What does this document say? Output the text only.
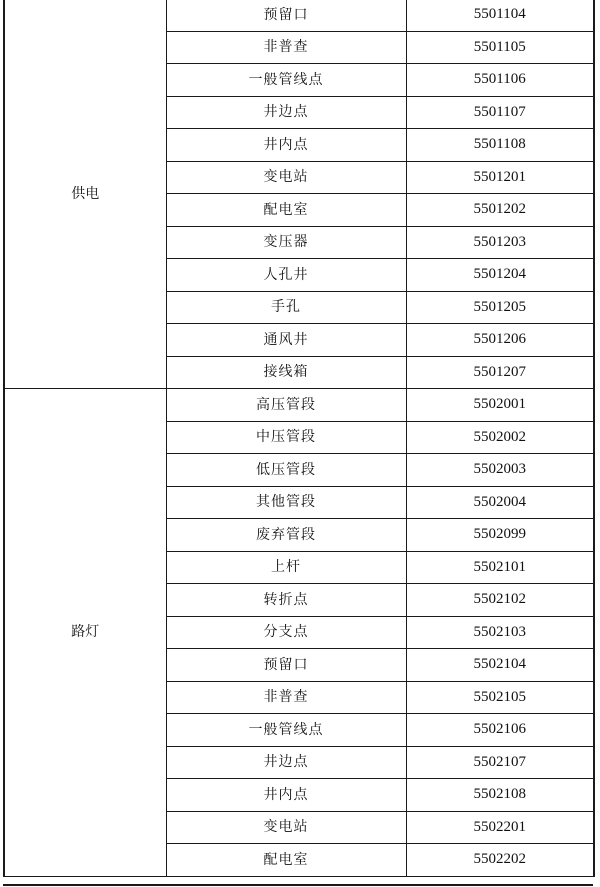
供电	预留口	5501104
	非普查	5501105
	一般管线点	5501106
	井边点	5501107
	井内点	5501108
	变电站	5501201
	配电室	5501202
	变压器	5501203
	人孔井	5501204
	手孔	5501205
	通风井	5501206
	接线箱	5501207
路灯	高压管段	5502001
	中压管段	5502002
	低压管段	5502003
	其他管段	5502004
	废弃管段	5502099
	上杆	5502101
	转折点	5502102
	分支点	5502103
	预留口	5502104
	非普查	5502105
	一般管线点	5502106
	井边点	5502107
	井内点	5502108
	变电站	5502201
	配电室	5502202
